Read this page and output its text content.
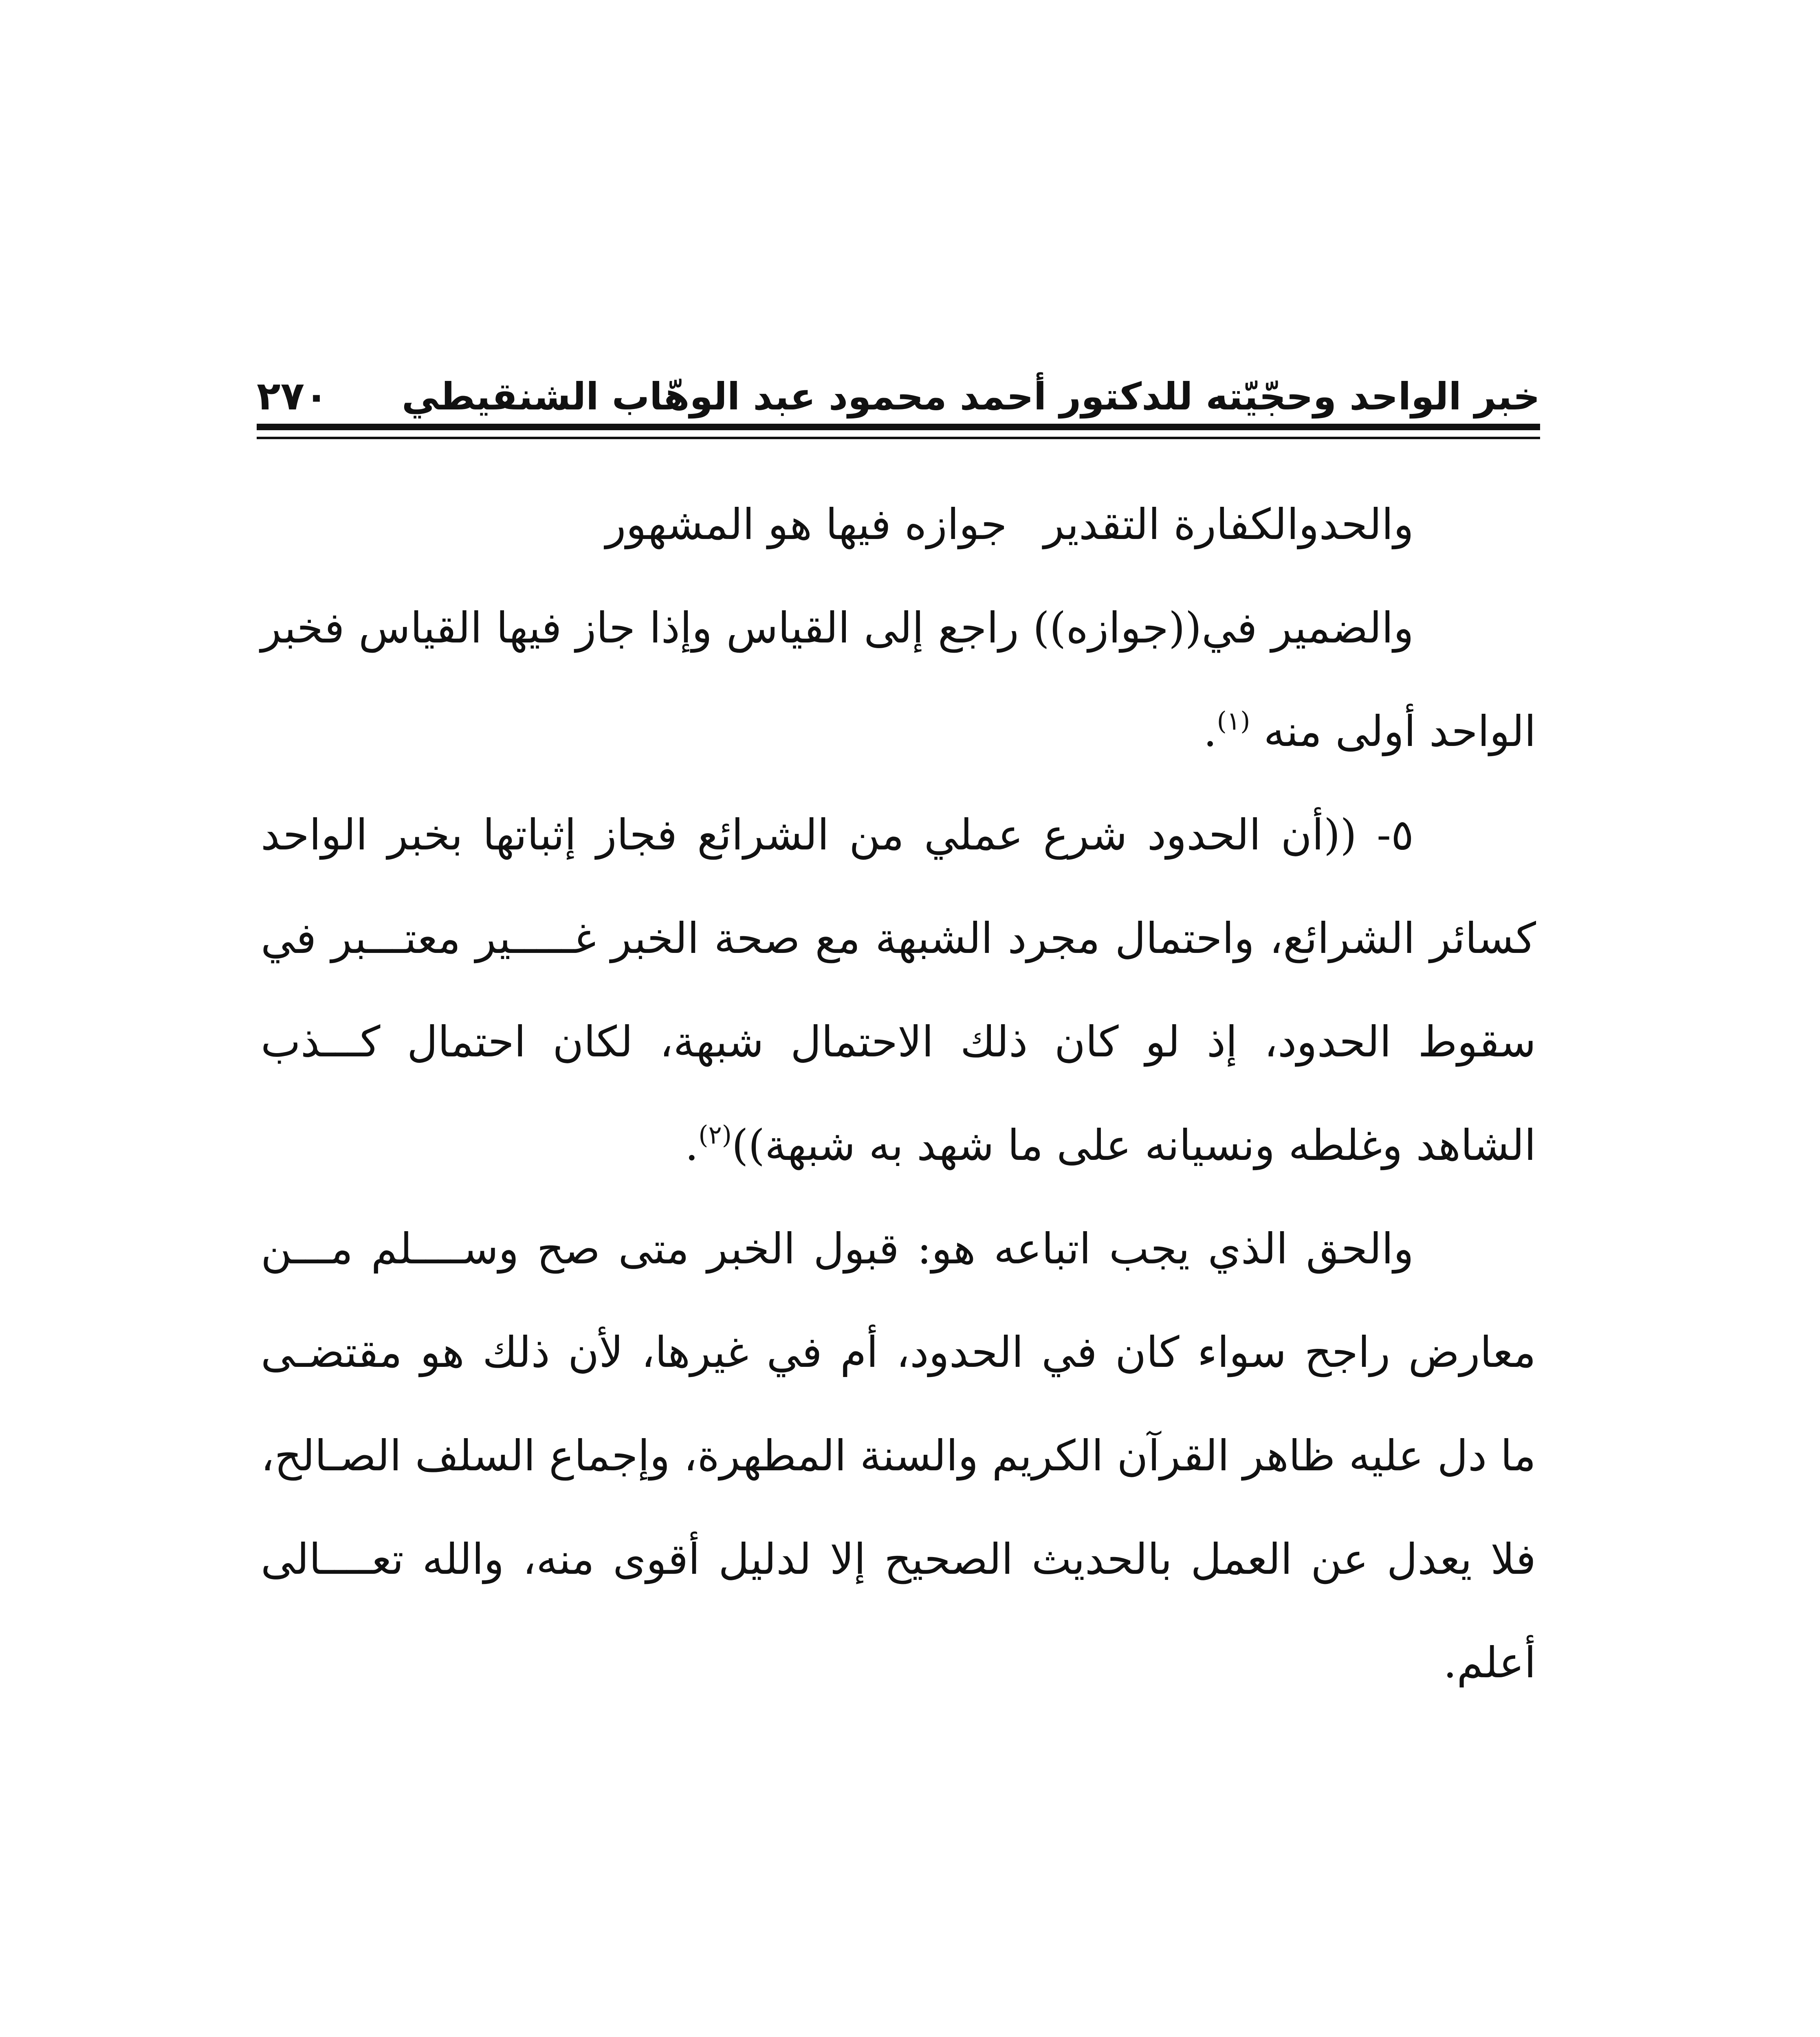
خبر الواحد وحجّيّته للدكتور أحمد محمود عبد الوهّاب الشنقيطي
٢٧٠
والحدوالكفارة التقديرجوازه فيها هو المشهور
والضمير في((جوازه)) راجع إلى القياس وإذا جاز فيها القياس فخبر
الواحد أولى منه $^{(١)}$.
٥- ((أن الحدود شرع عملي من الشرائع فجاز إثباتها بخبر الواحد
كسائر الشرائع، واحتمال مجرد الشبهة مع صحة الخبر غـــــير معتـــبر في
سقوط الحدود، إذ لو كان ذلك الاحتمال شبهة، لكان احتمال كـــذب
الشاهد وغلطه ونسيانه على ما شهد به شبهة))$^{(٢)}$.
والحق الذي يجب اتباعه هو: قبول الخبر متى صح وســــلم مـــن
معارض راجح سواء كان في الحدود، أم في غيرها، لأن ذلك هو مقتضـى
ما دل عليه ظاهر القرآن الكريم والسنة المطهرة، وإجماع السلف الصـالح،
فلا يعدل عن العمل بالحديث الصحيح إلا لدليل أقوى منه، والله تعــــالى
أعلم.
